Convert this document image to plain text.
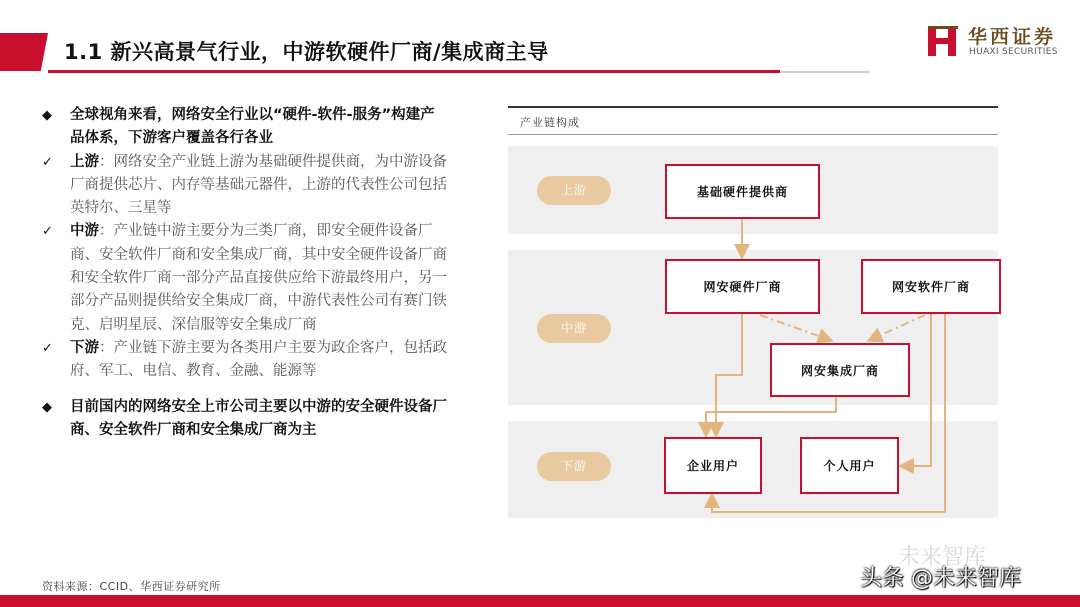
1.1 新兴高景气行业，中游软硬件厂商/集成商主导
华西证券
HUAXI SECURITIES
◆	全球视角来看，网络安全行业以“硬件-软件-服务”构建产品体系，下游客户覆盖各行各业
✓	上游：网络安全产业链上游为基础硬件提供商，为中游设备厂商提供芯片、内存等基础元器件，上游的代表性公司包括英特尔、三星等
✓	中游：产业链中游主要分为三类厂商，即安全硬件设备厂商、安全软件厂商和安全集成厂商，其中安全硬件设备厂商和安全软件厂商一部分产品直接供应给下游最终用户，另一部分产品则提供给安全集成厂商，中游代表性公司有赛门铁克、启明星辰、深信服等安全集成厂商
✓	下游：产业链下游主要为各类用户主要为政企客户，包括政府、军工、电信、教育、金融、能源等
◆	目前国内的网络安全上市公司主要以中游的安全硬件设备厂商、安全软件厂商和安全集成厂商为主
产业链构成
上游
中游
下游
基础硬件提供商
网安硬件厂商	网安软件厂商
网安集成厂商
企业用户	个人用户
资料来源：CCID、华西证券研究所
未来智库
头条 @未来智库
